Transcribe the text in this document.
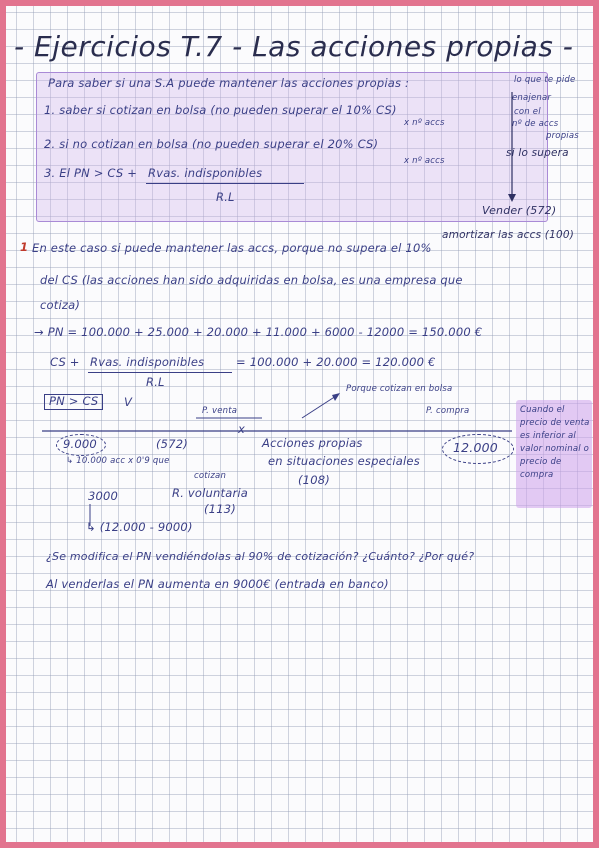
- Ejercicios T.7 - Las acciones propias -
Para saber si una S.A puede mantener las acciones propias :
1. saber si cotizan en bolsa (no pueden superar el 10% CS)
x nº accs
2. si no cotizan en bolsa (no pueden superar el 20% CS)
x nº accs
3. El PN > CS + Rvas. indisponibles
R.L
lo que te pide
enajenar
con el
nº de accs
propias
si lo supera
Vender (572)
amortizar las accs (100)
1 En este caso si puede mantener las accs, porque no supera el 10%
del CS (las acciones han sido adquiridas en bolsa, es una empresa que
cotiza)
→ PN = 100.000 + 25.000 + 20.000 + 11.000 + 6000 - 12000 = 150.000 €
CS + Rvas. indisponibles	= 100.000 + 20.000 = 120.000 €
R.L
PN > CS	V
Porque cotizan en bolsa
P. venta	P. compra
x
9.000	(572)	Acciones propias
en situaciones especiales
(108)
12.000
↳ 10.000 acc x 0'9 que
cotizan
3000	R. voluntaria
(113)
↳ (12.000 - 9000)
Cuando el precio de venta es inferior al valor nominal o precio de compra
¿Se modifica el PN vendiéndolas al 90% de cotización? ¿Cuánto? ¿Por qué?
Al venderlas el PN aumenta en 9000€ (entrada en banco)
